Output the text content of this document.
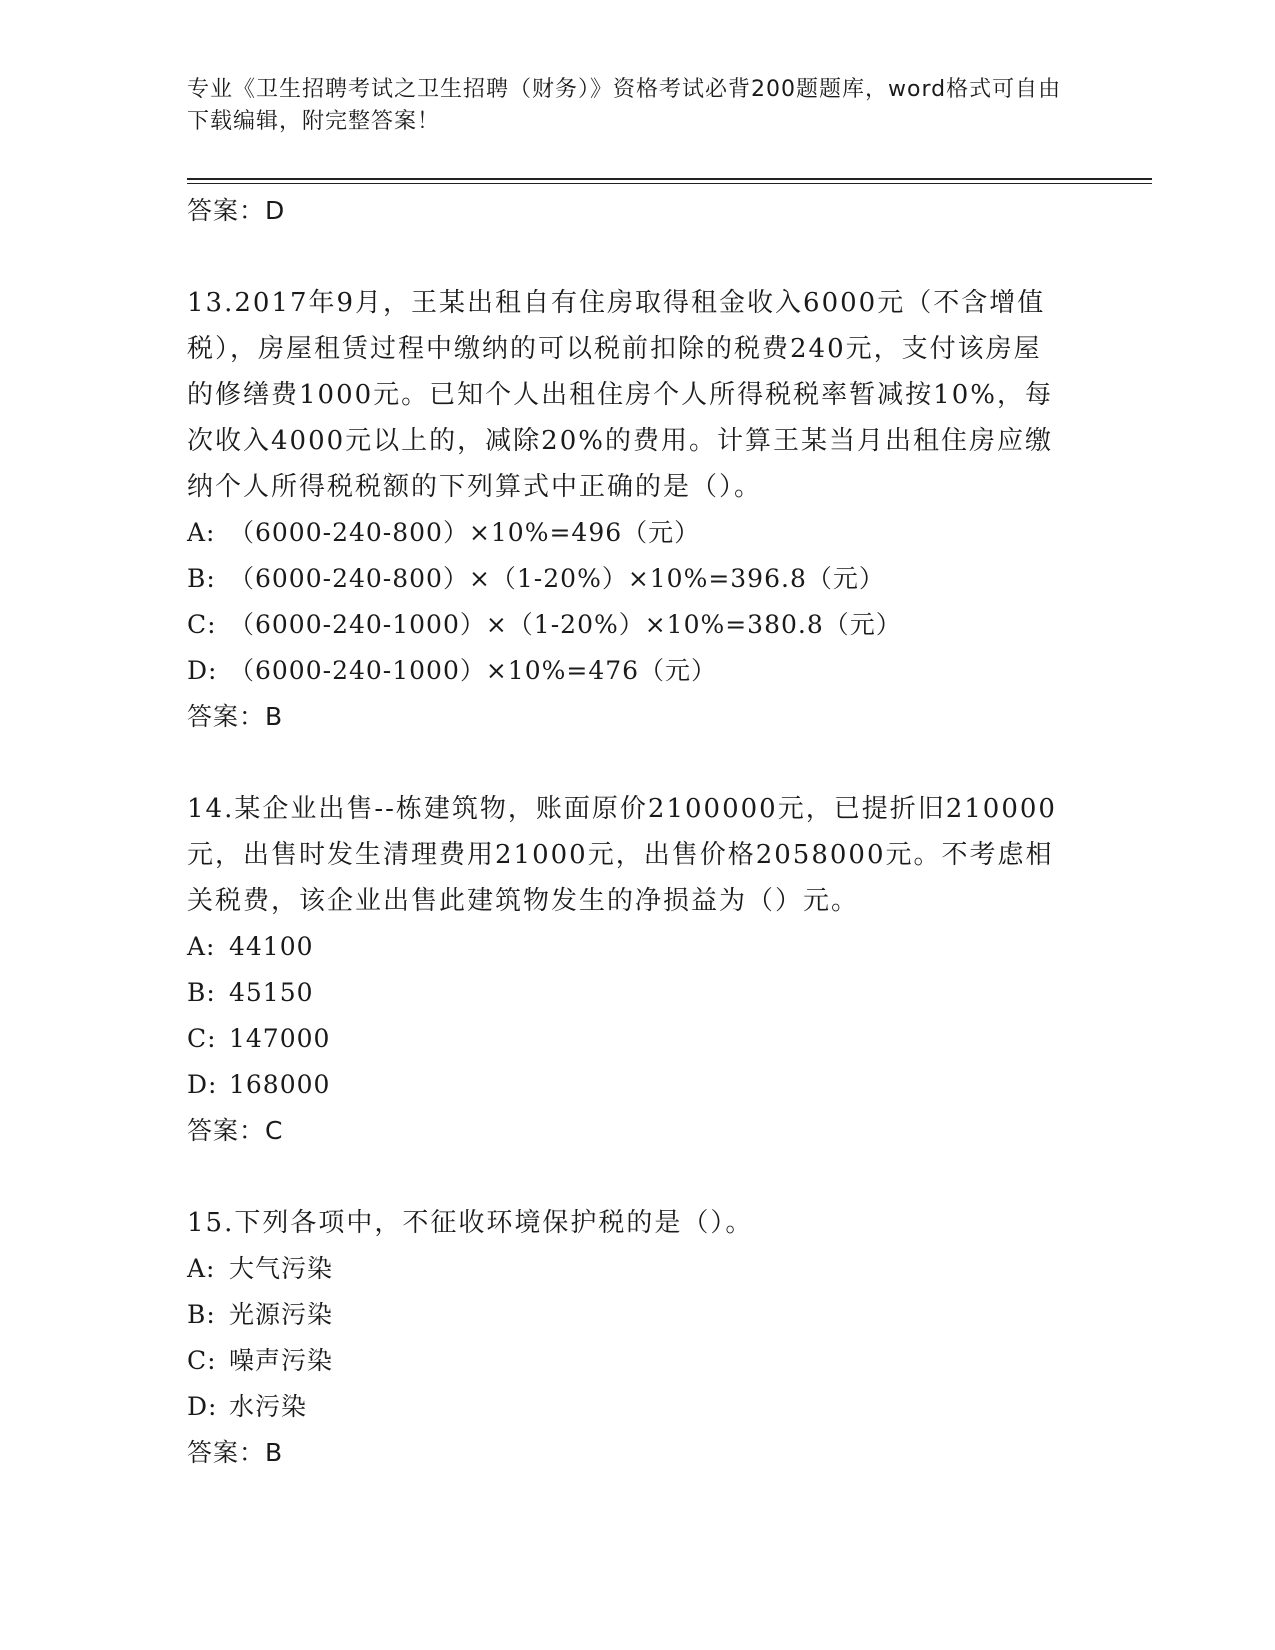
专业《卫生招聘考试之卫生招聘（财务）》资格考试必背200题题库，word格式可自由下载编辑，附完整答案！
答案：D
13.2017年9月，王某出租自有住房取得租金收入6000元（不含增值税），房屋租赁过程中缴纳的可以税前扣除的税费240元，支付该房屋的修缮费1000元。已知个人出租住房个人所得税税率暂减按10%，每次收入4000元以上的，减除20%的费用。计算王某当月出租住房应缴纳个人所得税税额的下列算式中正确的是（）。
A: （6000-240-800）×10%=496（元）
B: （6000-240-800）×（1-20%）×10%=396.8（元）
C: （6000-240-1000）×（1-20%）×10%=380.8（元）
D: （6000-240-1000）×10%=476（元）
答案：B
14.某企业出售--栋建筑物，账面原价2100000元，已提折旧210000元，出售时发生清理费用21000元，出售价格2058000元。不考虑相关税费，该企业出售此建筑物发生的净损益为（）元。
A: 44100
B: 45150
C: 147000
D: 168000
答案：C
15.下列各项中，不征收环境保护税的是（）。
A: 大气污染
B: 光源污染
C: 噪声污染
D: 水污染
答案：B
